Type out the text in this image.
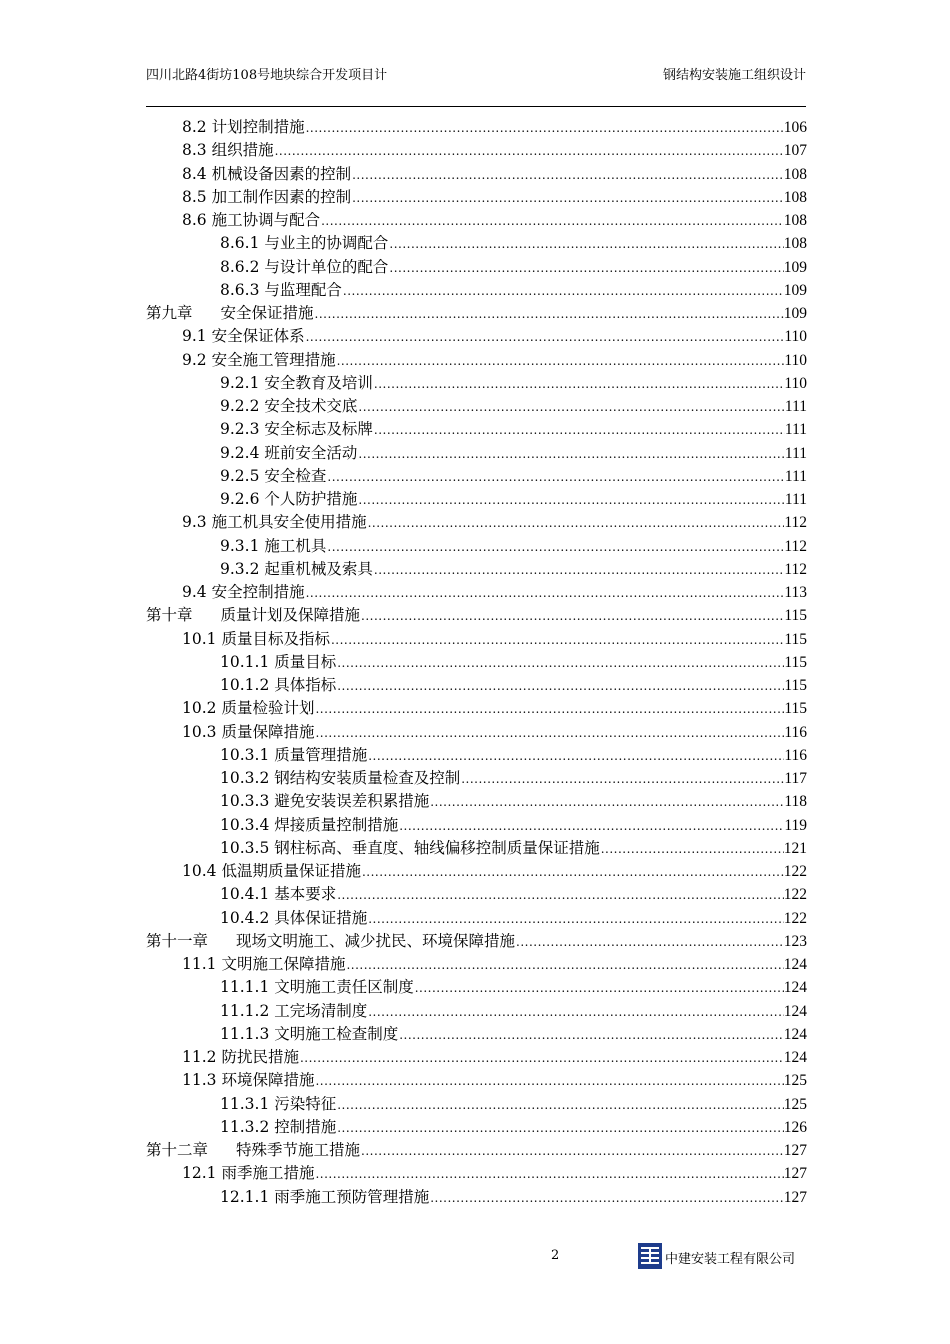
四川北路4街坊108号地块综合开发项目计	钢结构安装施工组织设计
8.2 计划控制措施 .....	106
8.3 组织措施 .....	107
8.4 机械设备因素的控制 .....	108
8.5 加工制作因素的控制 .....	108
8.6 施工协调与配合 .....	108
8.6.1 与业主的协调配合 .....	108
8.6.2 与设计单位的配合 .....	109
8.6.3 与监理配合 .....	109
第九章 安全保证措施 .....	109
9.1 安全保证体系 .....	110
9.2 安全施工管理措施 .....	110
9.2.1 安全教育及培训 .....	110
9.2.2 安全技术交底 .....	111
9.2.3 安全标志及标牌 .....	111
9.2.4 班前安全活动 .....	111
9.2.5 安全检查 .....	111
9.2.6 个人防护措施 .....	111
9.3 施工机具安全使用措施 .....	112
9.3.1 施工机具 .....	112
9.3.2 起重机械及索具 .....	112
9.4 安全控制措施 .....	113
第十章 质量计划及保障措施 .....	115
10.1 质量目标及指标 .....	115
10.1.1 质量目标 .....	115
10.1.2 具体指标 .....	115
10.2 质量检验计划 .....	115
10.3 质量保障措施 .....	116
10.3.1 质量管理措施 .....	116
10.3.2 钢结构安装质量检查及控制 .....	117
10.3.3 避免安装误差积累措施 .....	118
10.3.4 焊接质量控制措施 .....	119
10.3.5 钢柱标高、垂直度、轴线偏移控制质量保证措施 .....	121
10.4 低温期质量保证措施 .....	122
10.4.1 基本要求 .....	122
10.4.2 具体保证措施 .....	122
第十一章 现场文明施工、减少扰民、环境保障措施 .....	123
11.1 文明施工保障措施 .....	124
11.1.1 文明施工责任区制度 .....	124
11.1.2 工完场清制度 .....	124
11.1.3 文明施工检查制度 .....	124
11.2 防扰民措施 .....	124
11.3 环境保障措施 .....	125
11.3.1 污染特征 .....	125
11.3.2 控制措施 .....	126
第十二章 特殊季节施工措施 .....	127
12.1 雨季施工措施 .....	127
12.1.1 雨季施工预防管理措施 .....	127
2	中建安装工程有限公司
